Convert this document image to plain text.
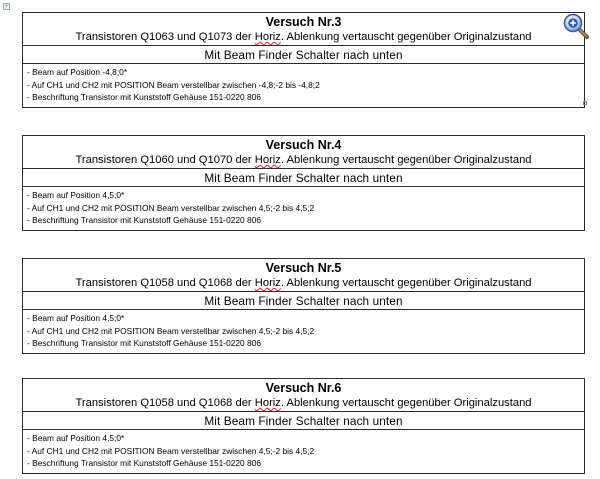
+
Versuch Nr.3
Transistoren Q1063 und Q1073 der Horiz. Ablenkung vertauscht gegenüber Originalzustand

Mit Beam Finder Schalter nach unten

- Beam auf Position -4,8;0*
- Auf CH1 und CH2 mit POSITION Beam verstellbar zwischen -4,8;-2 bis -4,8;2
- Beschriftung Transistor mit Kunststoff Gehäuse 151-0220 806
Versuch Nr.4
Transistoren Q1060 und Q1070 der Horiz. Ablenkung vertauscht gegenüber Originalzustand

Mit Beam Finder Schalter nach unten

- Beam auf Position 4,5;0*
- Auf CH1 und CH2 mit POSITION Beam verstellbar zwischen 4,5;-2 bis 4,5;2
- Beschriftung Transistor mit Kunststoff Gehäuse 151-0220 806
Versuch Nr.5
Transistoren Q1058 und Q1068 der Horiz. Ablenkung vertauscht gegenüber Originalzustand

Mit Beam Finder Schalter nach unten

- Beam auf Position 4,5;0*
- Auf CH1 und CH2 mit POSITION Beam verstellbar zwischen 4,5;-2 bis 4,5;2
- Beschriftung Transistor mit Kunststoff Gehäuse 151-0220 806
Versuch Nr.6
Transistoren Q1058 und Q1068 der Horiz. Ablenkung vertauscht gegenüber Originalzustand

Mit Beam Finder Schalter nach unten

- Beam auf Position 4,5;0*
- Auf CH1 und CH2 mit POSITION Beam verstellbar zwischen 4,5;-2 bis 4,5;2
- Beschriftung Transistor mit Kunststoff Gehäuse 151-0220 806
